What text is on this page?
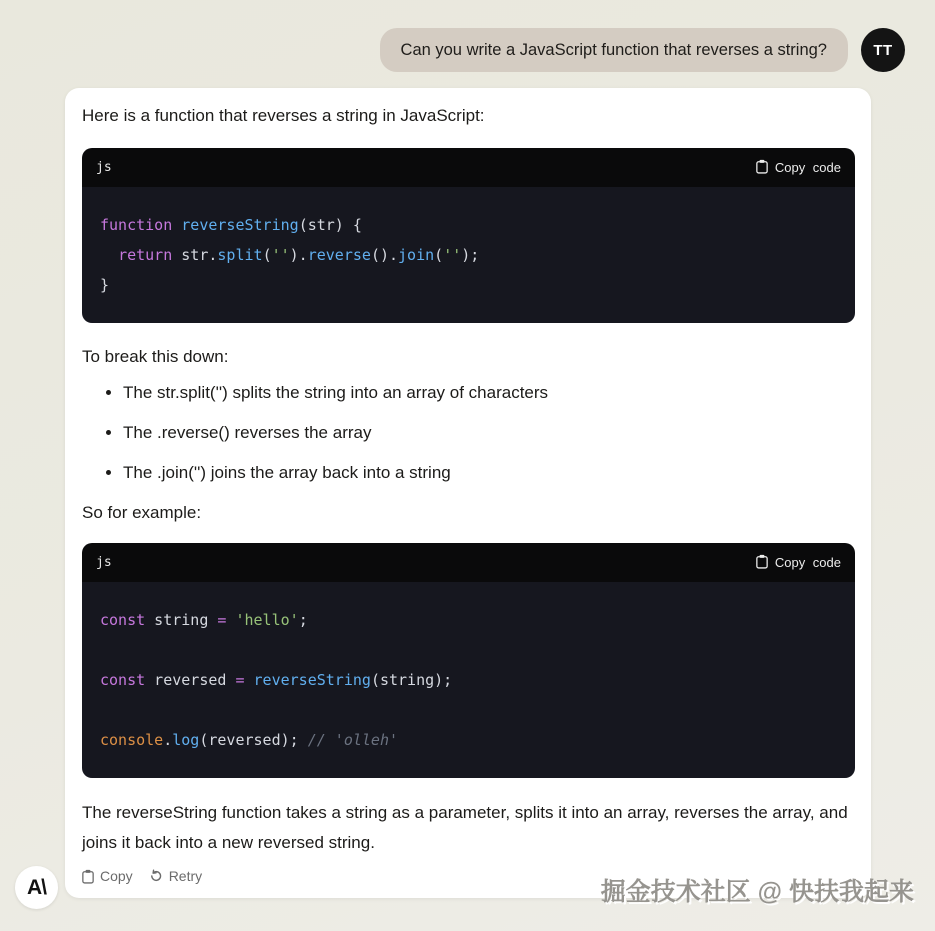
Can you write a JavaScript function that reverses a string?	TT

Here is a function that reverses a string in JavaScript:

js	Copy code
function reverseString(str) {
return str.split('').reverse().join('');
}

To break this down:

• The str.split('') splits the string into an array of characters
• The .reverse() reverses the array
• The .join('') joins the array back into a string

So for example:

js	Copy code
const string = 'hello';

const reversed = reverseString(string);

console.log(reversed); // 'olleh'

The reverseString function takes a string as a parameter, splits it into an array, reverses the array, and joins it back into a new reversed string.

Copy	Retry
A\	掘金技术社区 @ 快扶我起来
